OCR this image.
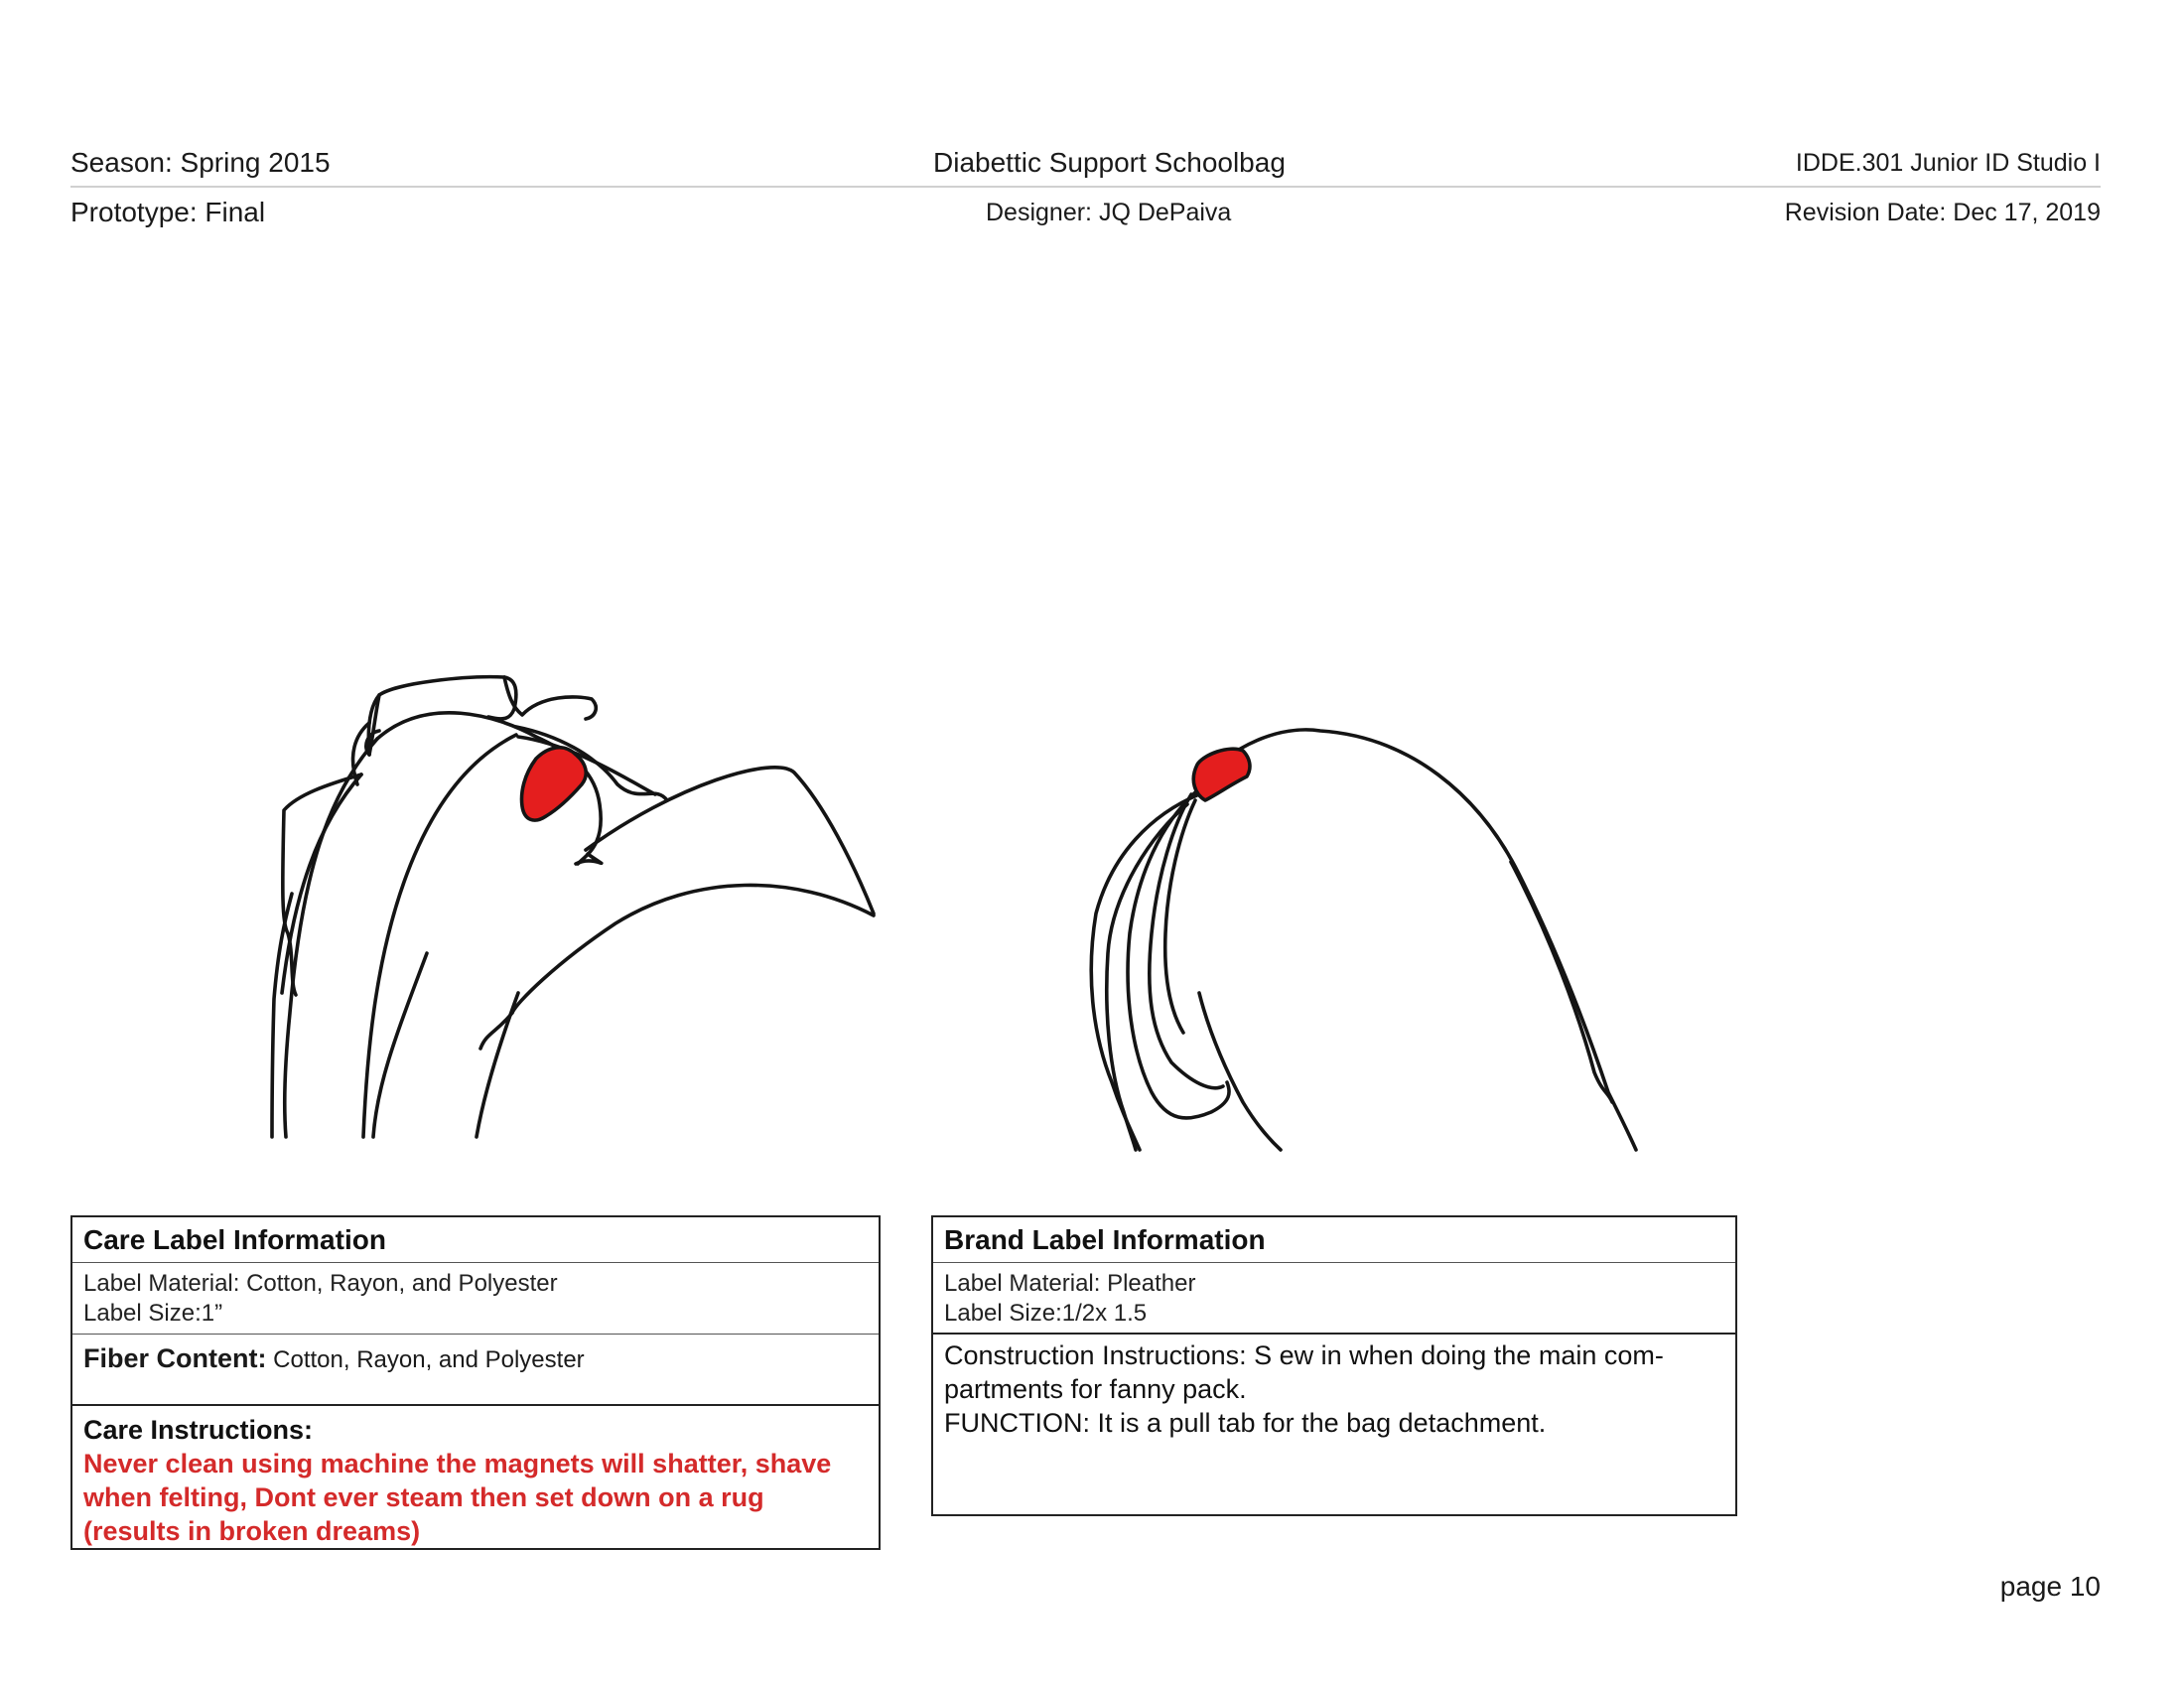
Season: Spring 2015	Diabettic Support Schoolbag	IDDE.301 Junior ID Studio I
Prototype: Final	Designer: JQ DePaiva	Revision Date: Dec 17, 2019
Care Label Information
Label Material: Cotton, Rayon, and Polyester
Label Size:1”
Fiber Content: Cotton, Rayon, and Polyester
Care Instructions:
Never clean using machine the magnets will shatter, shave when felting, Dont ever steam then set down on a rug (results in broken dreams)
Brand Label Information
Label Material: Pleather
Label Size:1/2x 1.5
Construction Instructions: S ew in when doing the main com-partments for fanny pack.
FUNCTION: It is a pull tab for the bag detachment.
page 10
